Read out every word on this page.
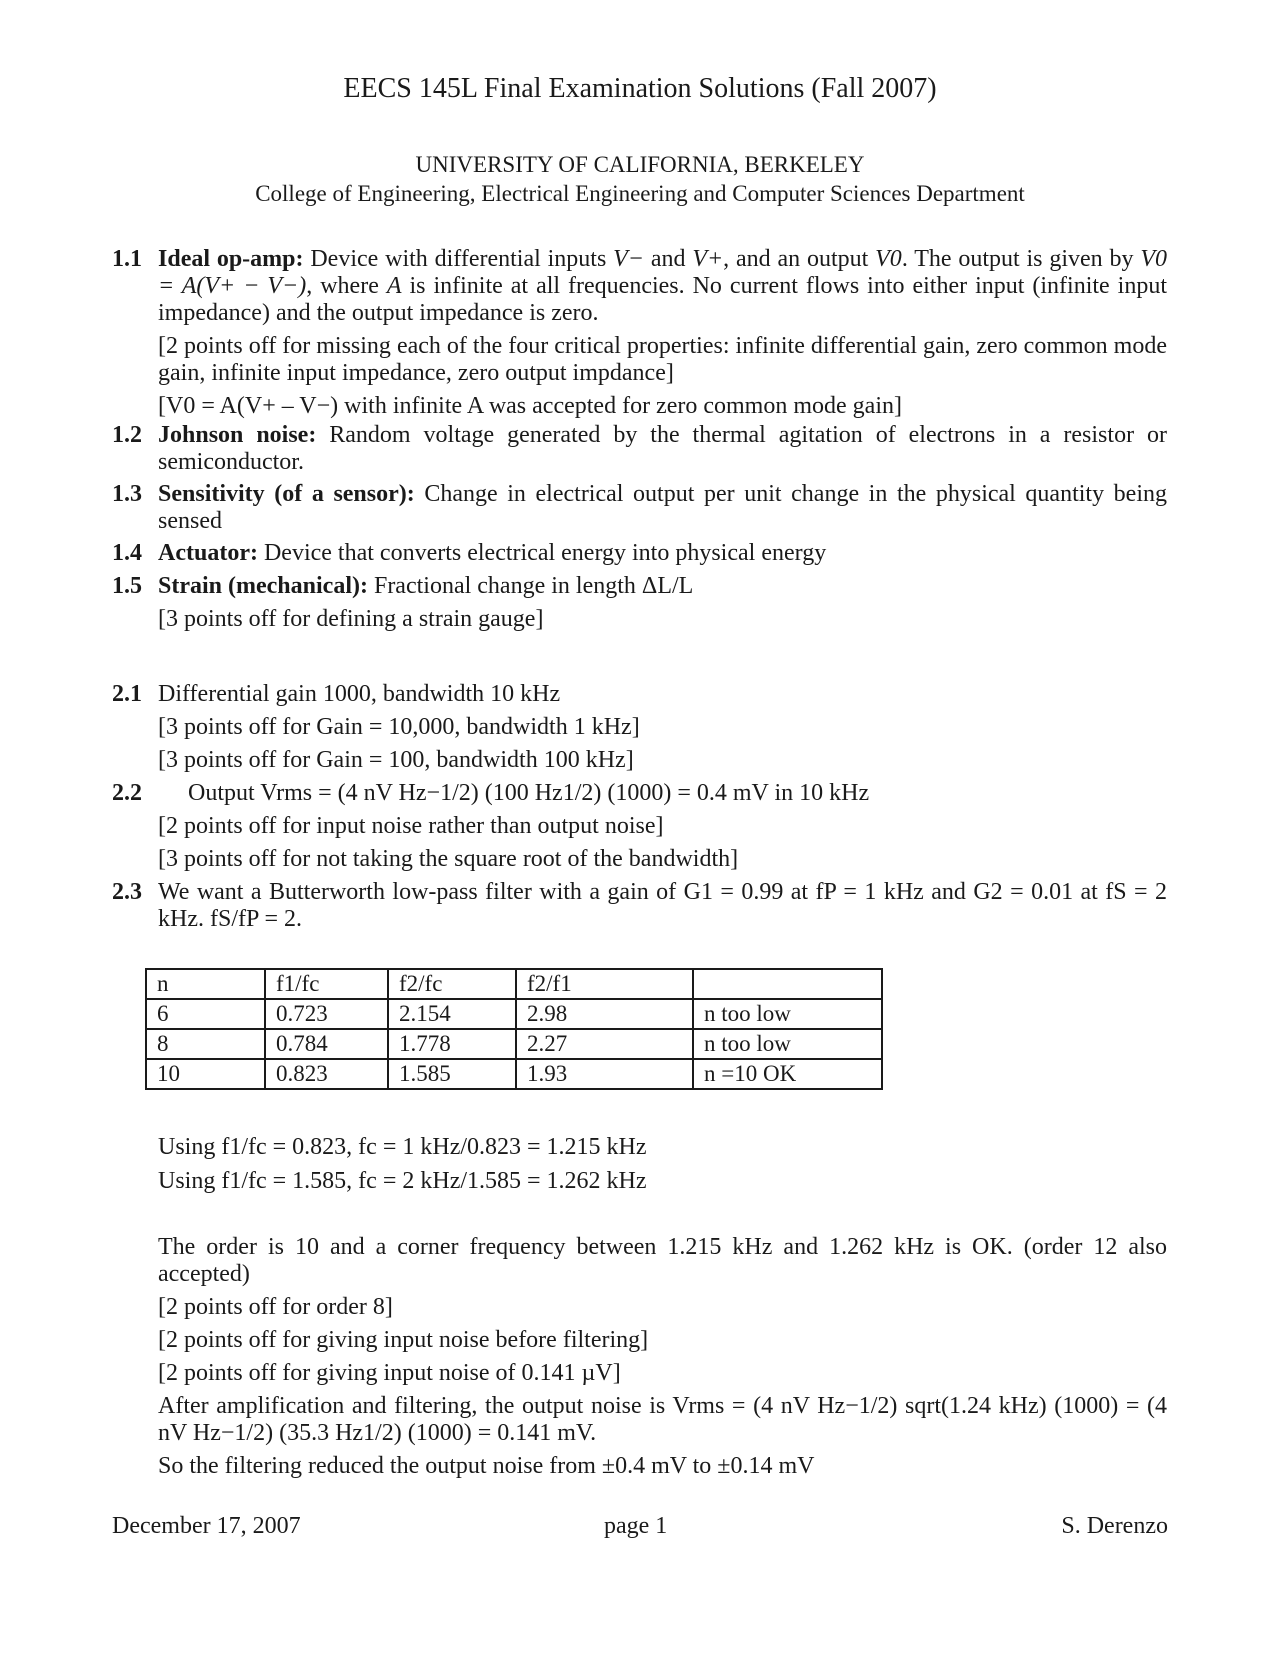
EECS 145L Final Examination Solutions (Fall 2007)
UNIVERSITY OF CALIFORNIA, BERKELEY
College of Engineering, Electrical Engineering and Computer Sciences Department
1.1 Ideal op-amp: Device with differential inputs V− and V+, and an output V0. The output is given by V0 = A(V+ − V−), where A is infinite at all frequencies. No current flows into either input (infinite input impedance) and the output impedance is zero.

[2 points off for missing each of the four critical properties: infinite differential gain, zero common mode gain, infinite input impedance, zero output impdance]

[V0 = A(V+ – V−) with infinite A was accepted for zero common mode gain]

1.2 Johnson noise: Random voltage generated by the thermal agitation of electrons in a resistor or semiconductor.

1.3 Sensitivity (of a sensor): Change in electrical output per unit change in the physical quantity being sensed

1.4 Actuator: Device that converts electrical energy into physical energy

1.5 Strain (mechanical): Fractional change in length ΔL/L

[3 points off for defining a strain gauge]

2.1 Differential gain 1000, bandwidth 10 kHz

[3 points off for Gain = 10,000, bandwidth 1 kHz]

[3 points off for Gain = 100, bandwidth 100 kHz]

2.2	Output Vrms = (4 nV Hz−1/2) (100 Hz1/2) (1000) = 0.4 mV in 10 kHz

[2 points off for input noise rather than output noise]

[3 points off for not taking the square root of the bandwidth]

2.3 We want a Butterworth low-pass filter with a gain of G1 = 0.99 at fP = 1 kHz and G2 = 0.01 at fS = 2 kHz. fS/fP = 2.

n	f1/fc	f2/fc	f2/f1	
6	0.723	2.154	2.98	n too low
8	0.784	1.778	2.27	n too low
10	0.823	1.585	1.93	n =10 OK
Using f1/fc = 0.823, fc = 1 kHz/0.823 = 1.215 kHz
Using f1/fc = 1.585, fc = 2 kHz/1.585 = 1.262 kHz

The order is 10 and a corner frequency between 1.215 kHz and 1.262 kHz is OK. (order 12 also accepted)

[2 points off for order 8]

[2 points off for giving input noise before filtering]

[2 points off for giving input noise of 0.141 µV]

After amplification and filtering, the output noise is Vrms = (4 nV Hz−1/2) sqrt(1.24 kHz) (1000) = (4 nV Hz−1/2) (35.3 Hz1/2) (1000) = 0.141 mV.

So the filtering reduced the output noise from ±0.4 mV to ±0.14 mV

December 17, 2007	page 1	S. Derenzo
